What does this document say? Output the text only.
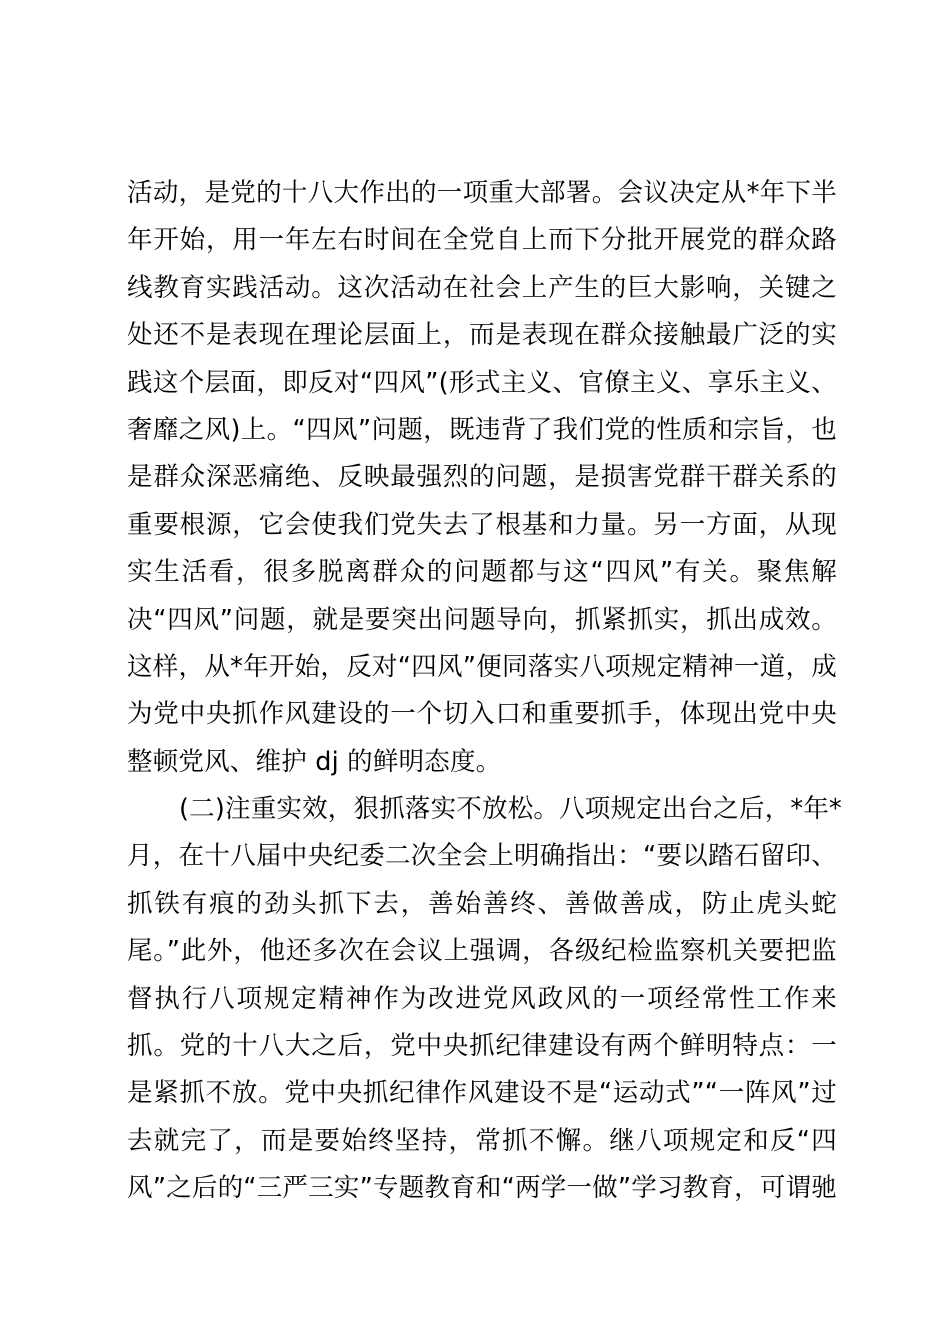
活动，是党的十八大作出的一项重大部署。会议决定从*年下半
年开始，用一年左右时间在全党自上而下分批开展党的群众路
线教育实践活动。这次活动在社会上产生的巨大影响，关键之
处还不是表现在理论层面上，而是表现在群众接触最广泛的实
践这个层面，即反对“四风”(形式主义、官僚主义、享乐主义、
奢靡之风)上。“四风”问题，既违背了我们党的性质和宗旨，也
是群众深恶痛绝、反映最强烈的问题，是损害党群干群关系的
重要根源，它会使我们党失去了根基和力量。另一方面，从现
实生活看，很多脱离群众的问题都与这“四风”有关。聚焦解
决“四风”问题，就是要突出问题导向，抓紧抓实，抓出成效。
这样，从*年开始，反对“四风”便同落实八项规定精神一道，成
为党中央抓作风建设的一个切入口和重要抓手，体现出党中央
整顿党风、维护 dj 的鲜明态度。
(二)注重实效，狠抓落实不放松。八项规定出台之后，*年*
月，在十八届中央纪委二次全会上明确指出：“要以踏石留印、
抓铁有痕的劲头抓下去，善始善终、善做善成，防止虎头蛇
尾。”此外，他还多次在会议上强调，各级纪检监察机关要把监
督执行八项规定精神作为改进党风政风的一项经常性工作来
抓。党的十八大之后，党中央抓纪律建设有两个鲜明特点：一
是紧抓不放。党中央抓纪律作风建设不是“运动式”“一阵风”过
去就完了，而是要始终坚持，常抓不懈。继八项规定和反“四
风”之后的“三严三实”专题教育和“两学一做”学习教育，可谓驰
